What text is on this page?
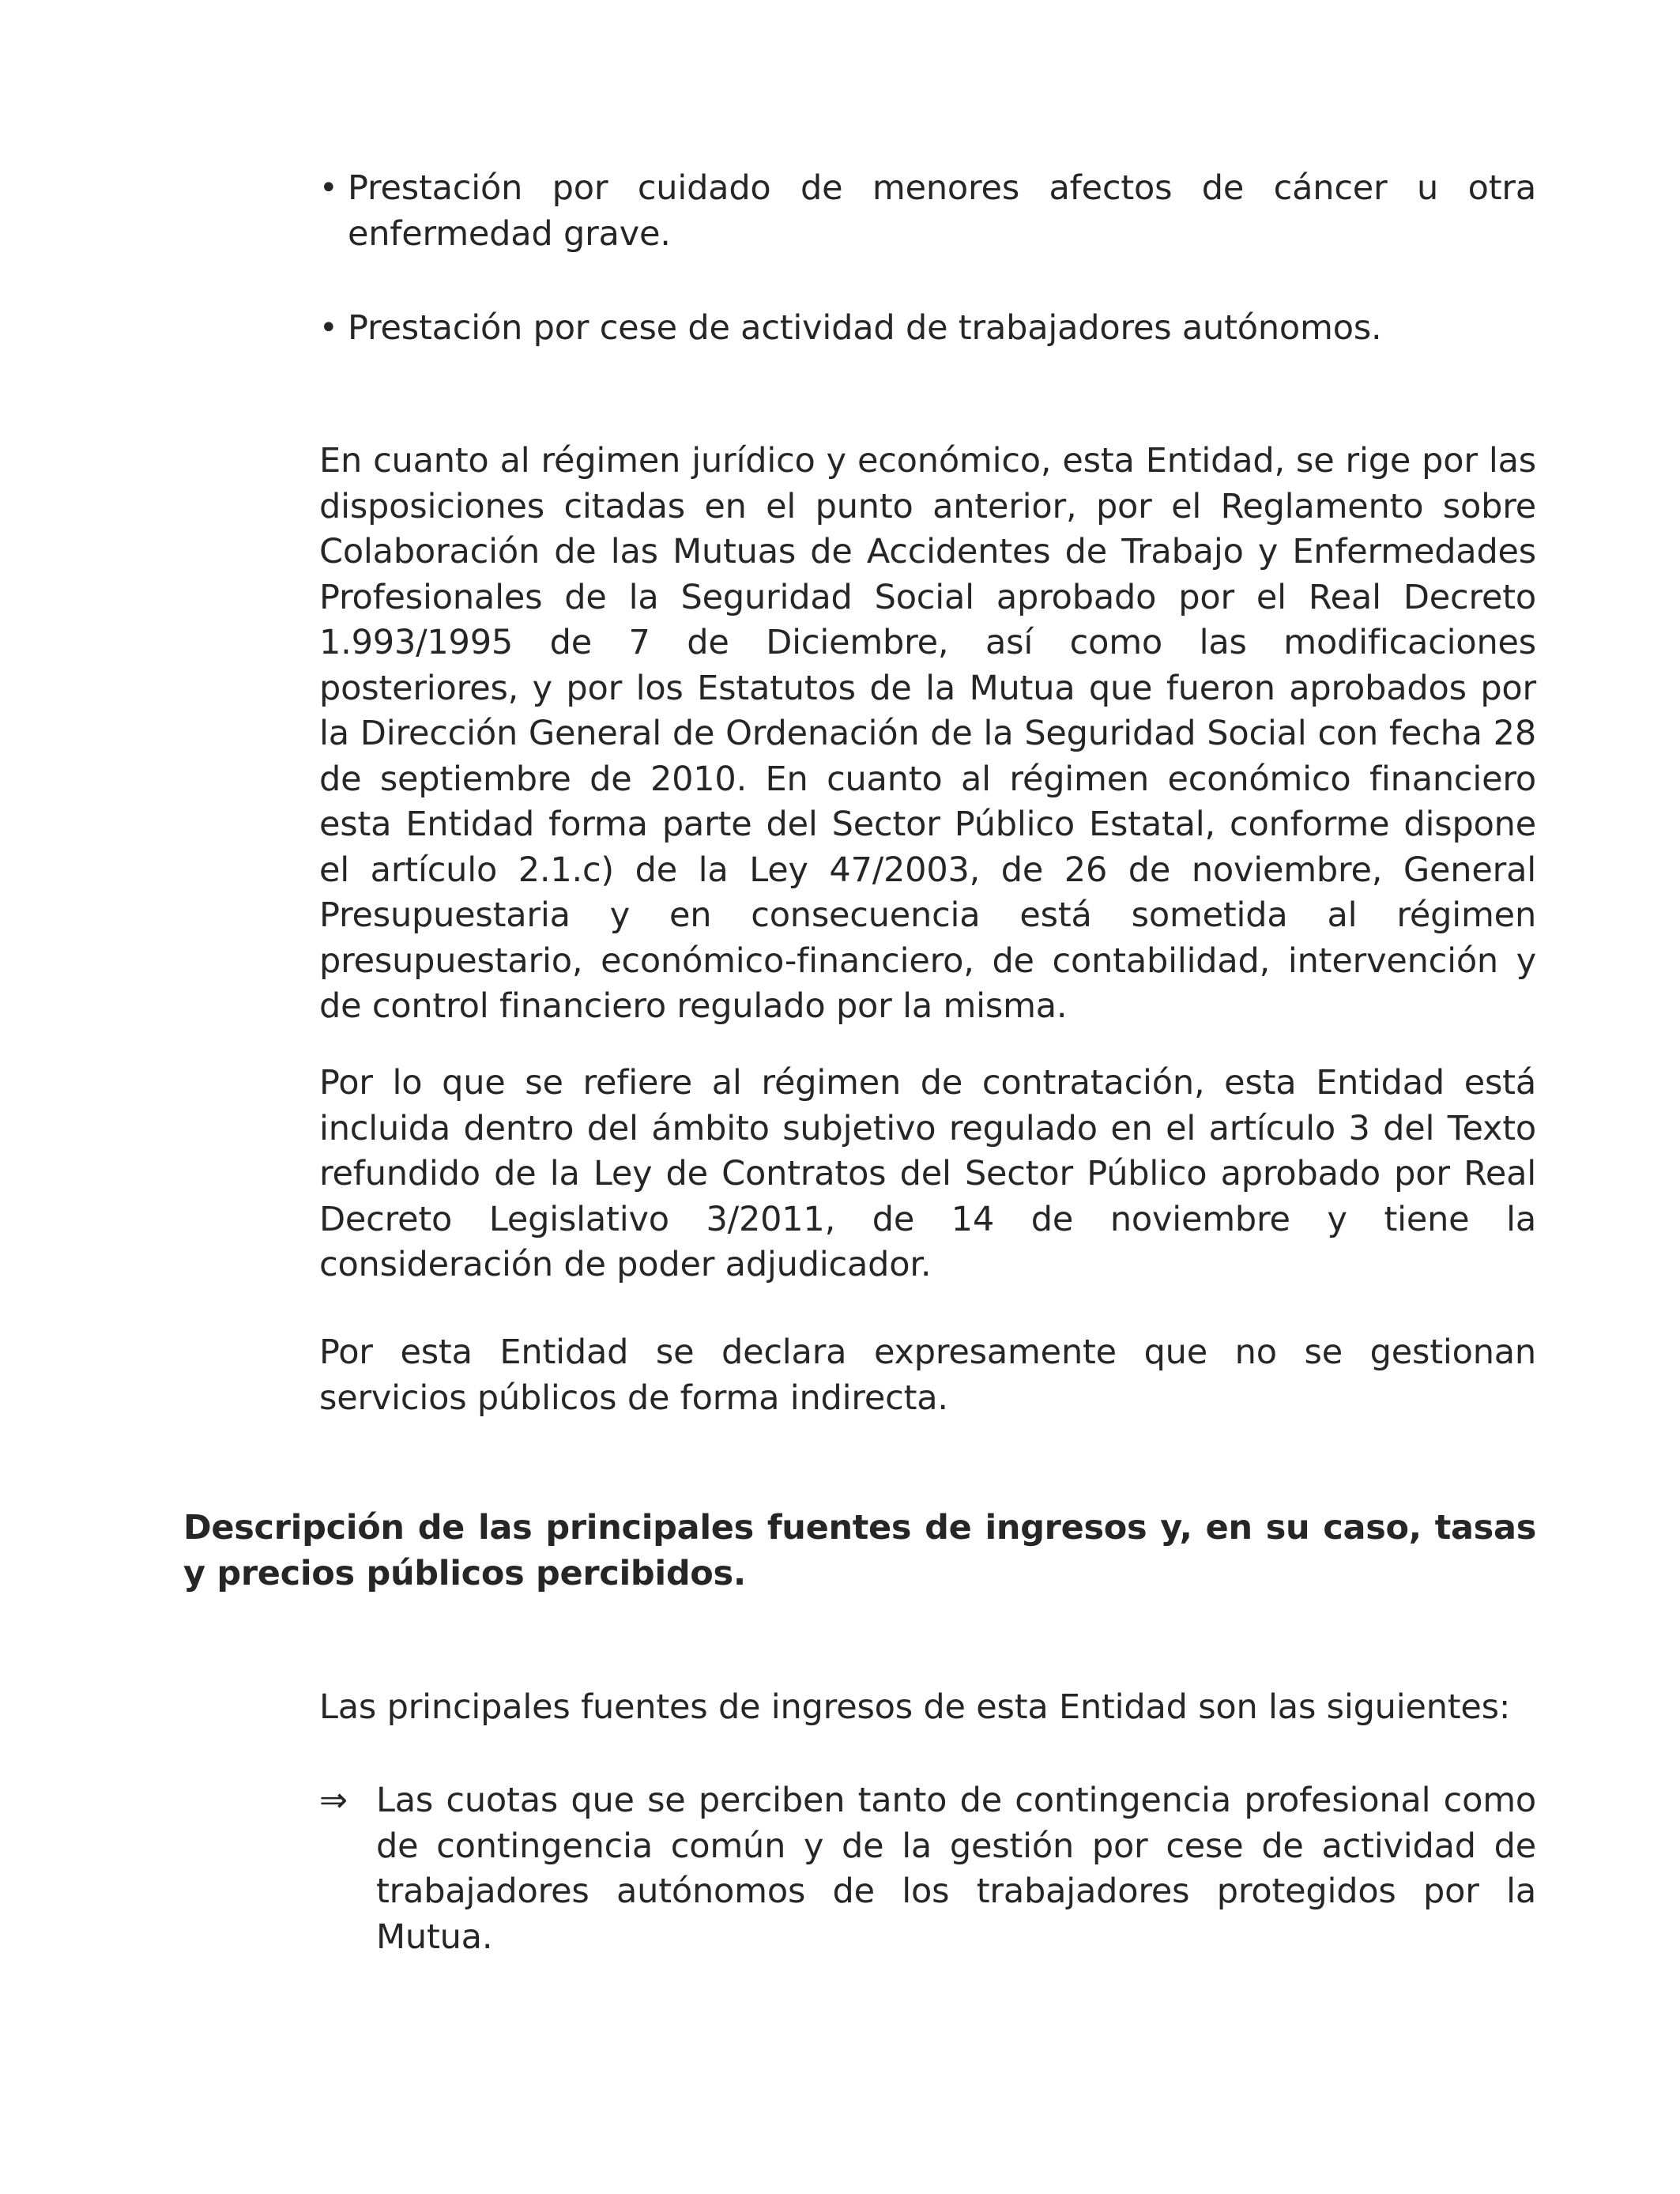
• Prestación por cuidado de menores afectos de cáncer u otra enfermedad grave.
• Prestación por cese de actividad de trabajadores autónomos.
En cuanto al régimen jurídico y económico, esta Entidad, se rige por las disposiciones citadas en el punto anterior, por el Reglamento sobre Colaboración de las Mutuas de Accidentes de Trabajo y Enfermedades Profesionales de la Seguridad Social aprobado por el Real Decreto 1.993/1995 de 7 de Diciembre, así como las modificaciones posteriores, y por los Estatutos de la Mutua que fueron aprobados por la Dirección General de Ordenación de la Seguridad Social con fecha 28 de septiembre de 2010. En cuanto al régimen económico financiero esta Entidad forma parte del Sector Público Estatal, conforme dispone el artículo 2.1.c) de la Ley 47/2003, de 26 de noviembre, General Presupuestaria y en consecuencia está sometida al régimen presupuestario, económico-financiero, de contabilidad, intervención y de control financiero regulado por la misma.
Por lo que se refiere al régimen de contratación, esta Entidad está incluida dentro del ámbito subjetivo regulado en el artículo 3 del Texto refundido de la Ley de Contratos del Sector Público aprobado por Real Decreto Legislativo 3/2011, de 14 de noviembre y tiene la consideración de poder adjudicador.
Por esta Entidad se declara expresamente que no se gestionan servicios públicos de forma indirecta.
Descripción de las principales fuentes de ingresos y, en su caso, tasas y precios públicos percibidos.
Las principales fuentes de ingresos de esta Entidad son las siguientes:
⇒ Las cuotas que se perciben tanto de contingencia profesional como de contingencia común y de la gestión por cese de actividad de trabajadores autónomos de los trabajadores protegidos por la Mutua.
